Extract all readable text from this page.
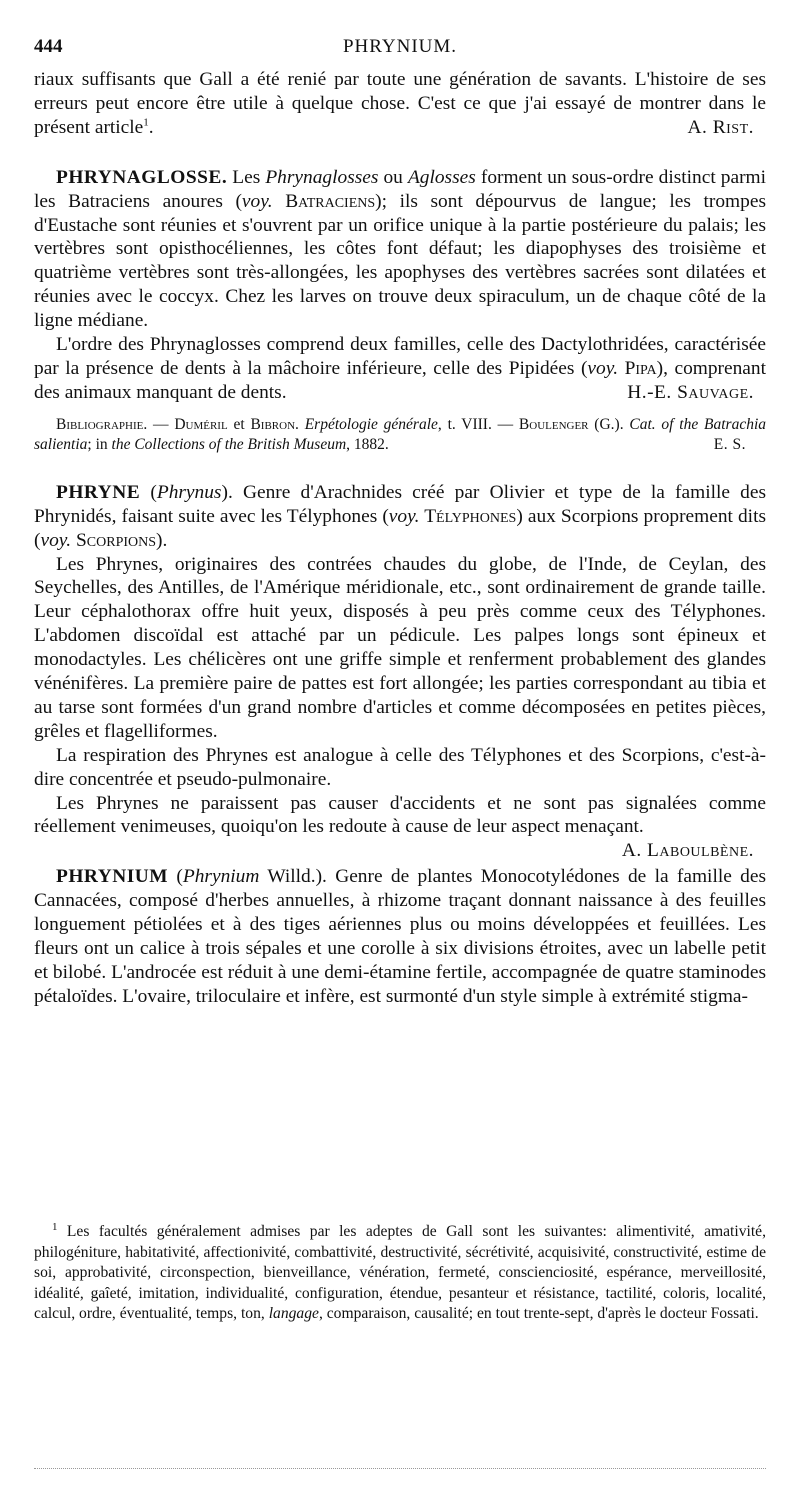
444	PHRYNIUM.

riaux suffisants que Gall a été renié par toute une génération de savants. L'histoire de ses erreurs peut encore être utile à quelque chose. C'est ce que j'ai essayé de montrer dans le présent article$^1$.	A. Rist.

PHRYNAGLOSSE. Les Phrynaglosses ou Aglosses forment un sous-ordre distinct parmi les Batraciens anoures (voy. Batraciens); ils sont dépourvus de langue; les trompes d'Eustache sont réunies et s'ouvrent par un orifice unique à la partie postérieure du palais; les vertèbres sont opisthocéliennes, les côtes font défaut; les diapophyses des troisième et quatrième vertèbres sont très-allongées, les apophyses des vertèbres sacrées sont dilatées et réunies avec le coccyx. Chez les larves on trouve deux spiraculum, un de chaque côté de la ligne médiane.

L'ordre des Phrynaglosses comprend deux familles, celle des Dactylothridées, caractérisée par la présence de dents à la mâchoire inférieure, celle des Pipidées (voy. Pipa), comprenant des animaux manquant de dents.	H.-E. Sauvage.

Bibliographie. — Duméril et Bibron. Erpétologie générale, t. VIII. — Boulenger (G.). Cat. of the Batrachia salientia; in the Collections of the British Museum, 1882.	E. S.

PHRYNE (Phrynus). Genre d'Arachnides créé par Olivier et type de la famille des Phrynidés, faisant suite avec les Télyphones (voy. Télyphones) aux Scorpions proprement dits (voy. Scorpions).

Les Phrynes, originaires des contrées chaudes du globe, de l'Inde, de Ceylan, des Seychelles, des Antilles, de l'Amérique méridionale, etc., sont ordinairement de grande taille. Leur céphalothorax offre huit yeux, disposés à peu près comme ceux des Télyphones. L'abdomen discoïdal est attaché par un pédicule. Les palpes longs sont épineux et monodactyles. Les chélicères ont une griffe simple et renferment probablement des glandes vénénifères. La première paire de pattes est fort allongée; les parties correspondant au tibia et au tarse sont formées d'un grand nombre d'articles et comme décomposées en petites pièces, grêles et flagelliformes.

La respiration des Phrynes est analogue à celle des Télyphones et des Scorpions, c'est-à-dire concentrée et pseudo-pulmonaire.

Les Phrynes ne paraissent pas causer d'accidents et ne sont pas signalées comme réellement venimeuses, quoiqu'on les redoute à cause de leur aspect menaçant.
A. Laboulbène.

PHRYNIUM (Phrynium Willd.). Genre de plantes Monocotylédones de la famille des Cannacées, composé d'herbes annuelles, à rhizome traçant donnant naissance à des feuilles longuement pétiolées et à des tiges aériennes plus ou moins développées et feuillées. Les fleurs ont un calice à trois sépales et une corolle à six divisions étroites, avec un labelle petit et bilobé. L'androcée est réduit à une demi-étamine fertile, accompagnée de quatre staminodes pétaloïdes. L'ovaire, triloculaire et infère, est surmonté d'un style simple à extrémité stigma-

$^1$ Les facultés généralement admises par les adeptes de Gall sont les suivantes: alimentivité, amativité, philogéniture, habitativité, affectionivité, combattivité, destructivité, sécrétivité, acquisivité, constructivité, estime de soi, approbativité, circonspection, bienveillance, vénération, fermeté, conscienciosité, espérance, merveillosité, idéalité, gaîeté, imitation, individualité, configuration, étendue, pesanteur et résistance, tactilité, coloris, localité, calcul, ordre, éventualité, temps, ton, langage, comparaison, causalité; en tout trente-sept, d'après le docteur Fossati.
